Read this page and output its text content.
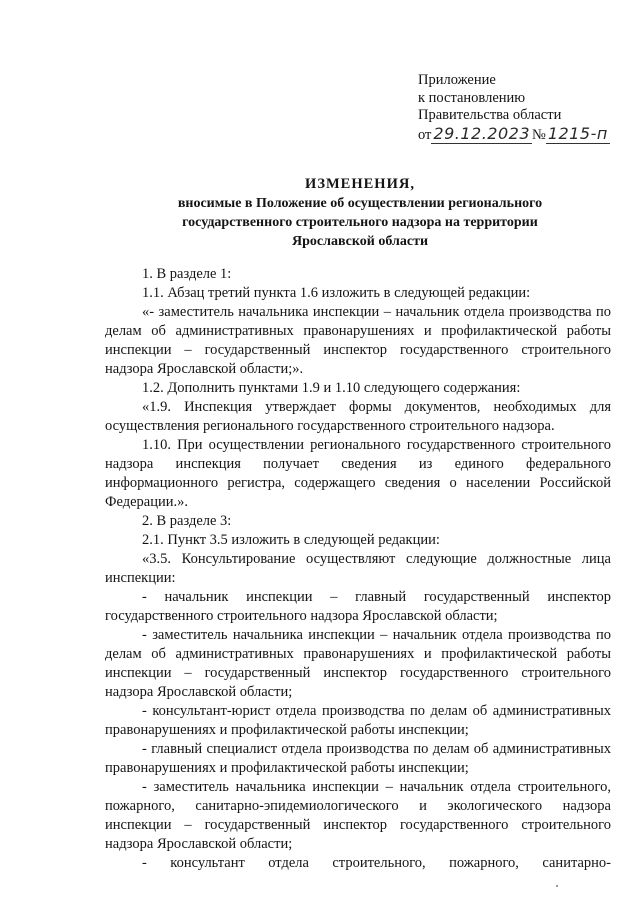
Приложение
к постановлению
Правительства области
от 29.12.2023 № 1215-п
ИЗМЕНЕНИЯ,
вносимые в Положение об осуществлении регионального
государственного строительного надзора на территории
Ярославской области

1. В разделе 1:

1.1. Абзац третий пункта 1.6 изложить в следующей редакции:

«- заместитель начальника инспекции – начальник отдела производства по делам об административных правонарушениях и профилактической работы инспекции – государственный инспектор государственного строительного надзора Ярославской области;».

1.2. Дополнить пунктами 1.9 и 1.10 следующего содержания:

«1.9. Инспекция утверждает формы документов, необходимых для осуществления регионального государственного строительного надзора.

1.10. При осуществлении регионального государственного строительного надзора инспекция получает сведения из единого федерального информационного регистра, содержащего сведения о населении Российской Федерации.».

2. В разделе 3:

2.1. Пункт 3.5 изложить в следующей редакции:

«3.5. Консультирование осуществляют следующие должностные лица инспекции:

- начальник инспекции – главный государственный инспектор государственного строительного надзора Ярославской области;

- заместитель начальника инспекции – начальник отдела производства по делам об административных правонарушениях и профилактической работы инспекции – государственный инспектор государственного строительного надзора Ярославской области;

- консультант-юрист отдела производства по делам об административных правонарушениях и профилактической работы инспекции;

- главный специалист отдела производства по делам об административных правонарушениях и профилактической работы инспекции;

- заместитель начальника инспекции – начальник отдела строительного, пожарного, санитарно-эпидемиологического и экологического надзора инспекции – государственный инспектор государственного строительного надзора Ярославской области;

- консультант отдела строительного, пожарного, санитарно-
